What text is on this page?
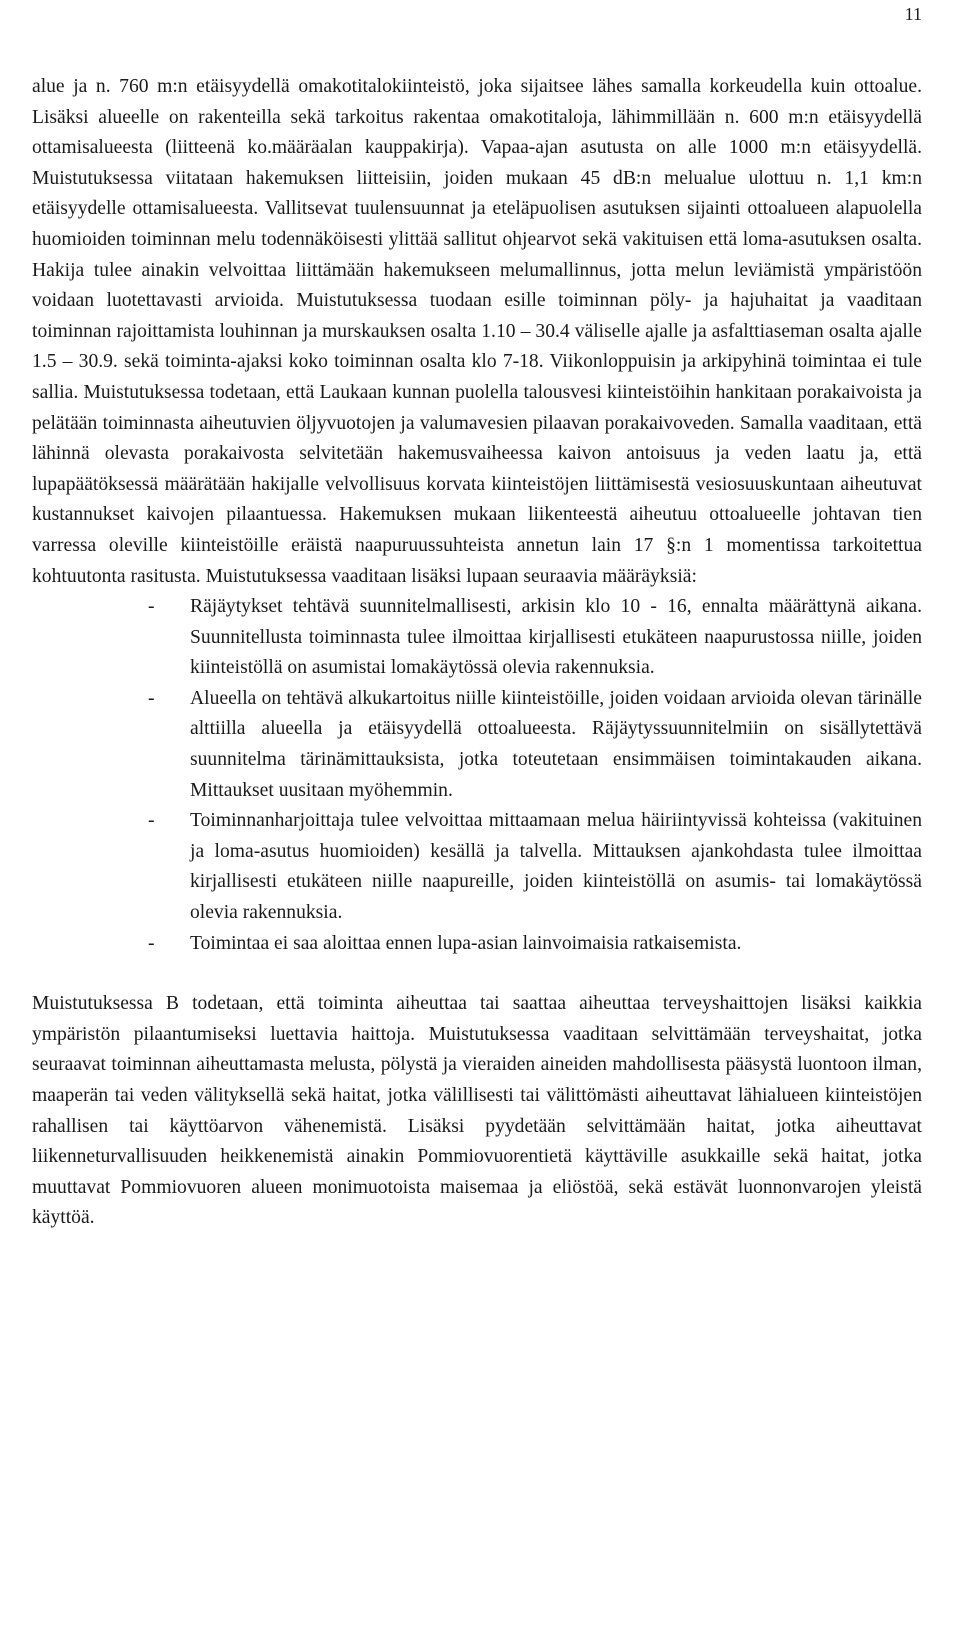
11

alue ja n. 760 m:n etäisyydellä omakotitalokiinteistö, joka sijaitsee lähes samalla korkeudella kuin ottoalue. Lisäksi alueelle on rakenteilla sekä tarkoitus rakentaa omakotitaloja, lähimmillään n. 600 m:n etäisyydellä ottamisalueesta (liitteenä ko.määräalan kauppakirja). Vapaa-ajan asutusta on alle 1000 m:n etäisyydellä. Muistutuksessa viitataan hakemuksen liitteisiin, joiden mukaan 45 dB:n melualue ulottuu n. 1,1 km:n etäisyydelle ottamisalueesta. Vallitsevat tuulensuunnat ja eteläpuolisen asutuksen sijainti ottoalueen alapuolella huomioiden toiminnan melu todennäköisesti ylittää sallitut ohjearvot sekä vakituisen että loma-asutuksen osalta. Hakija tulee ainakin velvoittaa liittämään hakemukseen melumallinnus, jotta melun leviämistä ympäristöön voidaan luotettavasti arvioida. Muistutuksessa tuodaan esille toiminnan pöly- ja hajuhaitat ja vaaditaan toiminnan rajoittamista louhinnan ja murskauksen osalta 1.10 – 30.4 väliselle ajalle ja asfalttiaseman osalta ajalle 1.5 – 30.9. sekä toiminta-ajaksi koko toiminnan osalta klo 7-18. Viikonloppuisin ja arkipyhinä toimintaa ei tule sallia. Muistutuksessa todetaan, että Laukaan kunnan puolella talousvesi kiinteistöihin hankitaan porakaivoista ja pelätään toiminnasta aiheutuvien öljyvuotojen ja valumavesien pilaavan porakaivoveden. Samalla vaaditaan, että lähinnä olevasta porakaivosta selvitetään hakemusvaiheessa kaivon antoisuus ja veden laatu ja, että lupapäätöksessä määrätään hakijalle velvollisuus korvata kiinteistöjen liittämisestä vesiosuuskuntaan aiheutuvat kustannukset kaivojen pilaantuessa. Hakemuksen mukaan liikenteestä aiheutuu ottoalueelle johtavan tien varressa oleville kiinteistöille eräistä naapuruussuhteista annetun lain 17 §:n 1 momentissa tarkoitettua kohtuutonta rasitusta. Muistutuksessa vaaditaan lisäksi lupaan seuraavia määräyksiä:

- Räjäytykset tehtävä suunnitelmallisesti, arkisin klo 10 - 16, ennalta määrättynä aikana. Suunnitellusta toiminnasta tulee ilmoittaa kirjallisesti etukäteen naapurustossa niille, joiden kiinteistöllä on asumistai lomakäytössä olevia rakennuksia.
- Alueella on tehtävä alkukartoitus niille kiinteistöille, joiden voidaan arvioida olevan tärinälle alttiilla alueella ja etäisyydellä ottoalueesta. Räjäytyssuunnitelmiin on sisällytettävä suunnitelma tärinämittauksista, jotka toteutetaan ensimmäisen toimintakauden aikana. Mittaukset uusitaan myöhemmin.
- Toiminnanharjoittaja tulee velvoittaa mittaamaan melua häiriintyvissä kohteissa (vakituinen ja loma-asutus huomioiden) kesällä ja talvella. Mittauksen ajankohdasta tulee ilmoittaa kirjallisesti etukäteen niille naapureille, joiden kiinteistöllä on asumis- tai lomakäytössä olevia rakennuksia.
- Toimintaa ei saa aloittaa ennen lupa-asian lainvoimaisia ratkaisemista.

Muistutuksessa B todetaan, että toiminta aiheuttaa tai saattaa aiheuttaa terveyshaittojen lisäksi kaikkia ympäristön pilaantumiseksi luettavia haittoja. Muistutuksessa vaaditaan selvittämään terveyshaitat, jotka seuraavat toiminnan aiheuttamasta melusta, pölystä ja vieraiden aineiden mahdollisesta pääsystä luontoon ilman, maaperän tai veden välityksellä sekä haitat, jotka välillisesti tai välittömästi aiheuttavat lähialueen kiinteistöjen rahallisen tai käyttöarvon vähenemistä. Lisäksi pyydetään selvittämään haitat, jotka aiheuttavat liikenneturvallisuuden heikkenemistä ainakin Pommiovuorentietä käyttäville asukkaille sekä haitat, jotka muuttavat Pommiovuoren alueen monimuotoista maisemaa ja eliöstöä, sekä estävät luonnonvarojen yleistä käyttöä.
